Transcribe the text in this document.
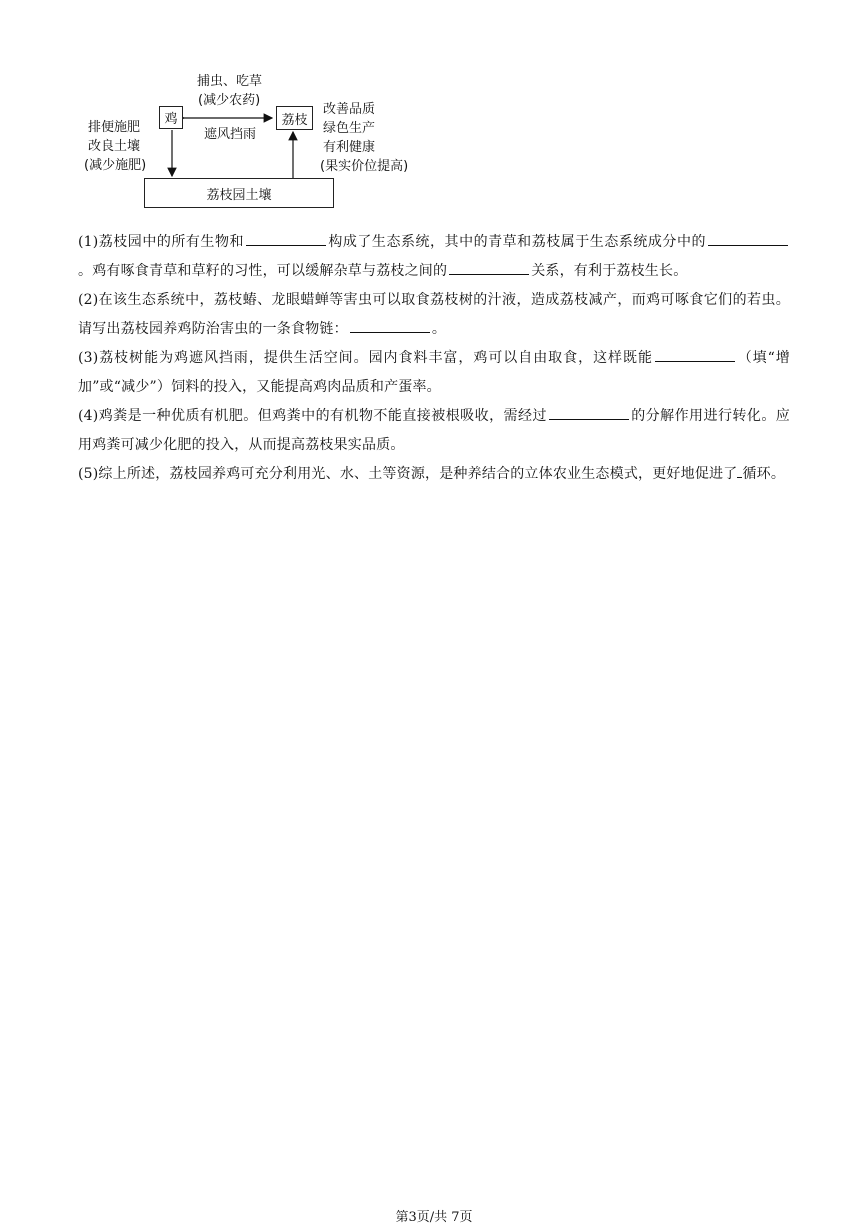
鸡	荔枝
荔枝园土壤
捕虫、吃草
(减少农药)
遮风挡雨
排便施肥
改良土壤
(减少施肥)
改善品质
绿色生产
有利健康
(果实价位提高)

(1)荔枝园中的所有生物和	构成了生态系统，其中的青草和荔枝属于生态系统成分中的。鸡有啄食青草和草籽的习性，可以缓解杂草与荔枝之间的	关系，有利于荔枝生长。

(2)在该生态系统中，荔枝蝽、龙眼蜡蝉等害虫可以取食荔枝树的汁液，造成荔枝减产，而鸡可啄食它们的若虫。请写出荔枝园养鸡防治害虫的一条食物链：	。

(3)荔枝树能为鸡遮风挡雨，提供生活空间。园内食料丰富，鸡可以自由取食，这样既能	（填“增加”或“减少”）饲料的投入，又能提高鸡肉品质和产蛋率。

(4)鸡粪是一种优质有机肥。但鸡粪中的有机物不能直接被根吸收，需经过	的分解作用进行转化。应用鸡粪可减少化肥的投入，从而提高荔枝果实品质。

(5)综上所述，荔枝园养鸡可充分利用光、水、土等资源，是种养结合的立体农业生态模式，更好地促进了 循环。

第3页/共 7页
